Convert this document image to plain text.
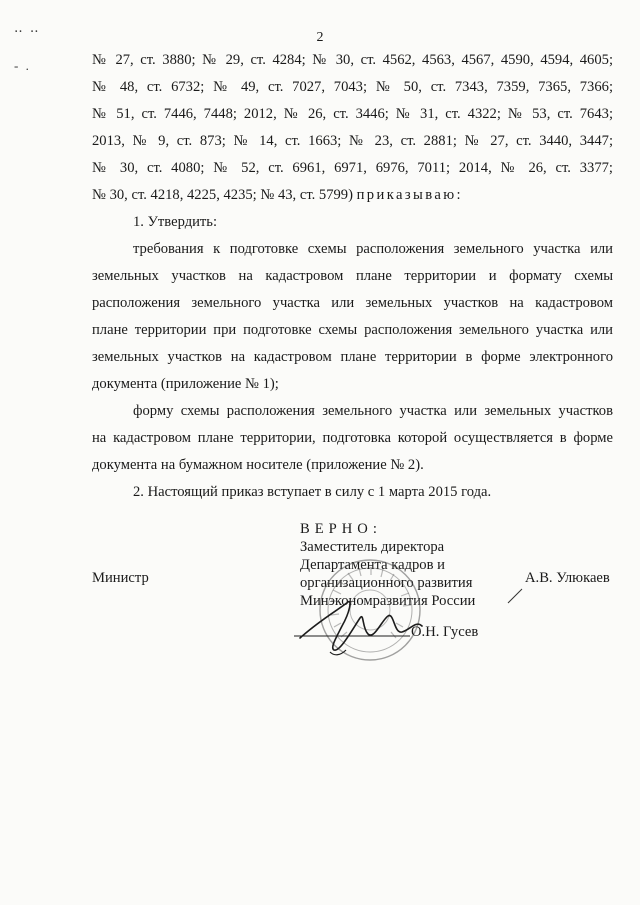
2
‥ ‥
- .	№ 27, ст. 3880; № 29, ст. 4284; № 30, ст. 4562, 4563, 4567, 4590, 4594, 4605;
№ 48, ст. 6732; № 49, ст. 7027, 7043; № 50, ст. 7343, 7359, 7365, 7366;
№ 51, ст. 7446, 7448; 2012, № 26, ст. 3446; № 31, ст. 4322; № 53, ст. 7643;
2013, № 9, ст. 873; № 14, ст. 1663; № 23, ст. 2881; № 27, ст. 3440, 3447;
№ 30, ст. 4080; № 52, ст. 6961, 6971, 6976, 7011; 2014, № 26, ст. 3377;
№ 30, ст. 4218, 4225, 4235; № 43, ст. 5799) приказываю:
1. Утвердить:
требования к подготовке схемы расположения земельного участка или
земельных участков на кадастровом плане территории и формату схемы
расположения земельного участка или земельных участков на кадастровом
плане территории при подготовке схемы расположения земельного участка или
земельных участков на кадастровом плане территории в форме электронного
документа (приложение № 1);
форму схемы расположения земельного участка или земельных участков
на кадастровом плане территории, подготовка которой осуществляется в форме
документа на бумажном носителе (приложение № 2).
2. Настоящий приказ вступает в силу с 1 марта 2015 года.
ВЕРНО:
Заместитель директора
Департамента кадров и
организационного развития
Минэкономразвития России
О.Н. Гусев
Министр	А.В. Улюкаев
